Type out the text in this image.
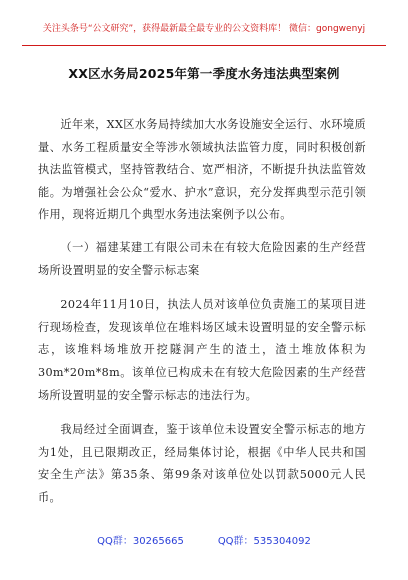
关注头条号“公文研究”，获得最新最全最专业的公文资料库！ 微信：gongwenyj
XX区水务局2025年第一季度水务违法典型案例

近年来，XX区水务局持续加大水务设施安全运行、水环境质量、水务工程质量安全等涉水领域执法监管力度，同时积极创新执法监管模式，坚持管教结合、宽严相济，不断提升执法监管效能。为增强社会公众“爱水、护水”意识，充分发挥典型示范引领作用，现将近期几个典型水务违法案例予以公布。

（一）福建某建工有限公司未在有较大危险因素的生产经营场所设置明显的安全警示标志案

2024年11月10日，执法人员对该单位负责施工的某项目进行现场检查，发现该单位在堆料场区域未设置明显的安全警示标志，该堆料场堆放开挖隧洞产生的渣土，渣土堆放体积为30m*20m*8m。该单位已构成未在有较大危险因素的生产经营场所设置明显的安全警示标志的违法行为。

我局经过全面调查，鉴于该单位未设置安全警示标志的地方为1处，且已限期改正，经局集体讨论，根据《中华人民共和国安全生产法》第35条、第99条对该单位处以罚款5000元人民币。

QQ群：30265665	QQ群：535304092
